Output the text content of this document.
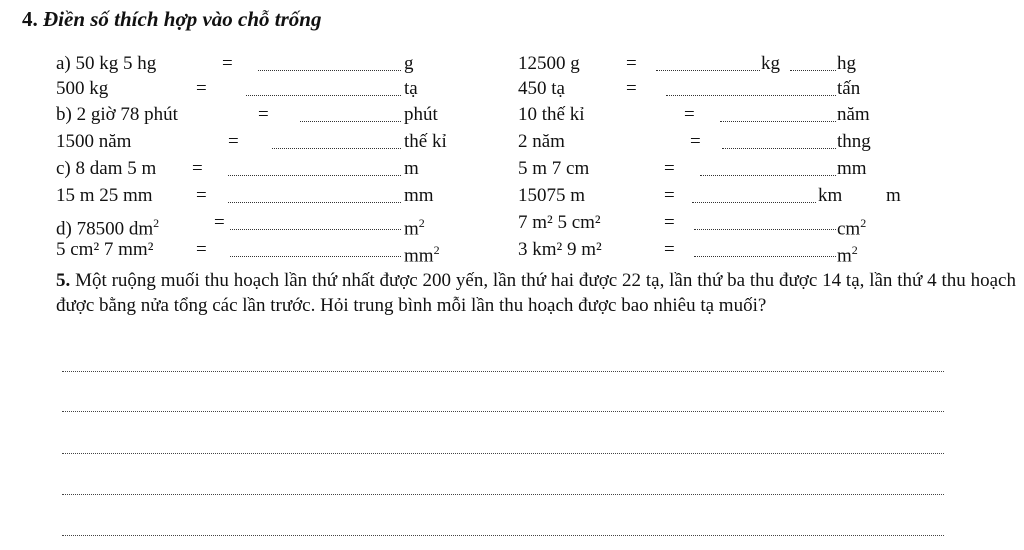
4. Điền số thích hợp vào chỗ trống
a) 50 kg 5 hg	=	g	12500 g =	kg	hg
500 kg	=	tạ	450 tạ	=	tấn
b) 2 giờ 78 phút	=	phút	10 thế kỉ	=	năm
1500 năm	=	thế kỉ	2 năm	=	thng
c) 8 dam 5 m =	m	5 m 7 cm	=	mm
15 m 25 mm =	mm	15075 m	=	km m
d) 78500 $dm^2$	=	$m^2$	7 m² 5 cm²	=	$cm^2$
5 cm² 7 mm² =	$mm^2$	3 km² 9 m²	=	$m^2$
5. Một ruộng muối thu hoạch lần thứ nhất được 200 yến, lần thứ hai được 22 tạ, lần thứ ba thu được 14 tạ, lần thứ 4 thu hoạch được bằng nửa tổng các lần trước. Hỏi trung bình mỗi lần thu hoạch được bao nhiêu tạ muối?
